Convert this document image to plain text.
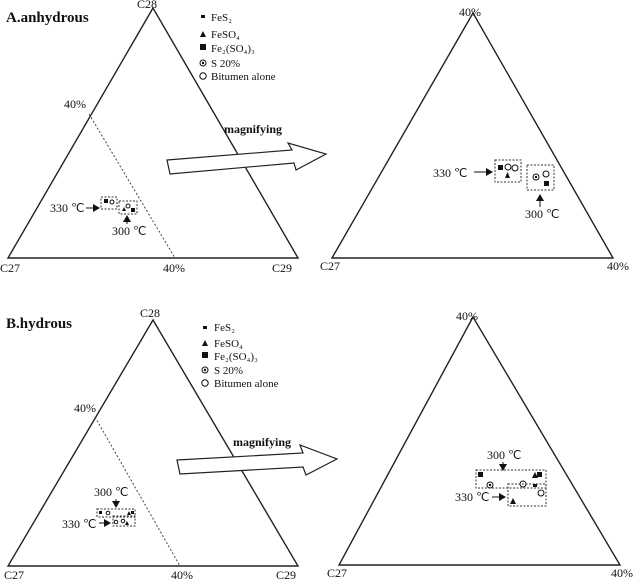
A.anhydrous
C28
C27	C29
40%
40%
FeS₂
FeSO₄
Fe₂(SO₄)₃
S 20%
Bitumen alone
330 ℃
300 ℃
magnifying
40%
C27	40%
330 ℃
300 ℃
B.hydrous
C28
C27	C29
40%
40%
FeS₂
FeSO₄
Fe₂(SO₄)₃
S 20%
Bitumen alone
300 ℃
330 ℃
magnifying
40%
C27	40%
300 ℃
330 ℃
